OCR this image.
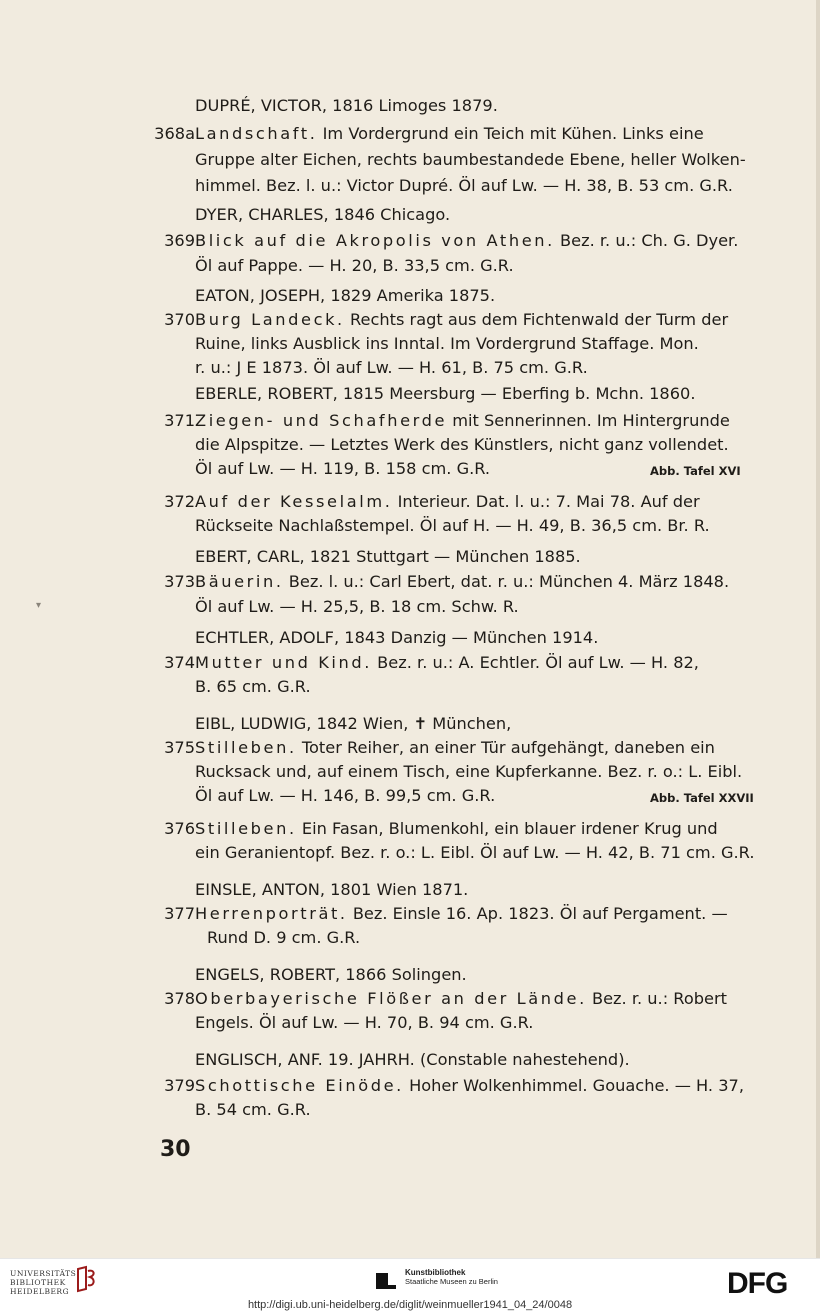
DUPRÉ, VICTOR, 1816 Limoges 1879.
368a Landschaft. Im Vordergrund ein Teich mit Kühen. Links eine
Gruppe alter Eichen, rechts baumbestandede Ebene, heller Wolken-
himmel. Bez. l. u.: Victor Dupré. Öl auf Lw. — H. 38, B. 53 cm. G.R.
DYER, CHARLES, 1846 Chicago.
369 Blick auf die Akropolis von Athen. Bez. r. u.: Ch. G. Dyer.
Öl auf Pappe. — H. 20, B. 33,5 cm. G.R.
EATON, JOSEPH, 1829 Amerika 1875.
370 Burg Landeck. Rechts ragt aus dem Fichtenwald der Turm der
Ruine, links Ausblick ins Inntal. Im Vordergrund Staffage. Mon.
r. u.: J E 1873. Öl auf Lw. — H. 61, B. 75 cm. G.R.
EBERLE, ROBERT, 1815 Meersburg — Eberfing b. Mchn. 1860.
371 Ziegen- und Schafherde mit Sennerinnen. Im Hintergrunde
die Alpspitze. — Letztes Werk des Künstlers, nicht ganz vollendet.
Öl auf Lw. — H. 119, B. 158 cm. G.R.	Abb. Tafel XVI
372 Auf der Kesselalm. Interieur. Dat. l. u.: 7. Mai 78. Auf der
Rückseite Nachlaßstempel. Öl auf H. — H. 49, B. 36,5 cm. Br. R.
EBERT, CARL, 1821 Stuttgart — München 1885.
373 Bäuerin. Bez. l. u.: Carl Ebert, dat. r. u.: München 4. März 1848.
Öl auf Lw. — H. 25,5, B. 18 cm. Schw. R.
ECHTLER, ADOLF, 1843 Danzig — München 1914.
374 Mutter und Kind. Bez. r. u.: A. Echtler. Öl auf Lw. — H. 82,
B. 65 cm. G.R.
EIBL, LUDWIG, 1842 Wien, ✝ München,
375 Stilleben. Toter Reiher, an einer Tür aufgehängt, daneben ein
Rucksack und, auf einem Tisch, eine Kupferkanne. Bez. r. o.: L. Eibl.
Öl auf Lw. — H. 146, B. 99,5 cm. G.R.	Abb. Tafel XXVII
376 Stilleben. Ein Fasan, Blumenkohl, ein blauer irdener Krug und
ein Geranientopf. Bez. r. o.: L. Eibl. Öl auf Lw. — H. 42, B. 71 cm. G.R.
EINSLE, ANTON, 1801 Wien 1871.
377 Herrenporträt. Bez. Einsle 16. Ap. 1823. Öl auf Pergament. —
Rund D. 9 cm. G.R.
ENGELS, ROBERT, 1866 Solingen.
378 Oberbayerische Flößer an der Lände. Bez. r. u.: Robert
Engels. Öl auf Lw. — H. 70, B. 94 cm. G.R.
ENGLISCH, ANF. 19. JAHRH. (Constable nahestehend).
379 Schottische Einöde. Hoher Wolkenhimmel. Gouache. — H. 37,
B. 54 cm. G.R.
30
▾
UNIVERSITÄTS
BIBLIOTHEK
HEIDELBERG
Kunstbibliothek
Staatliche Museen zu Berlin	DFG
http://digi.ub.uni-heidelberg.de/diglit/weinmueller1941_04_24/0048
